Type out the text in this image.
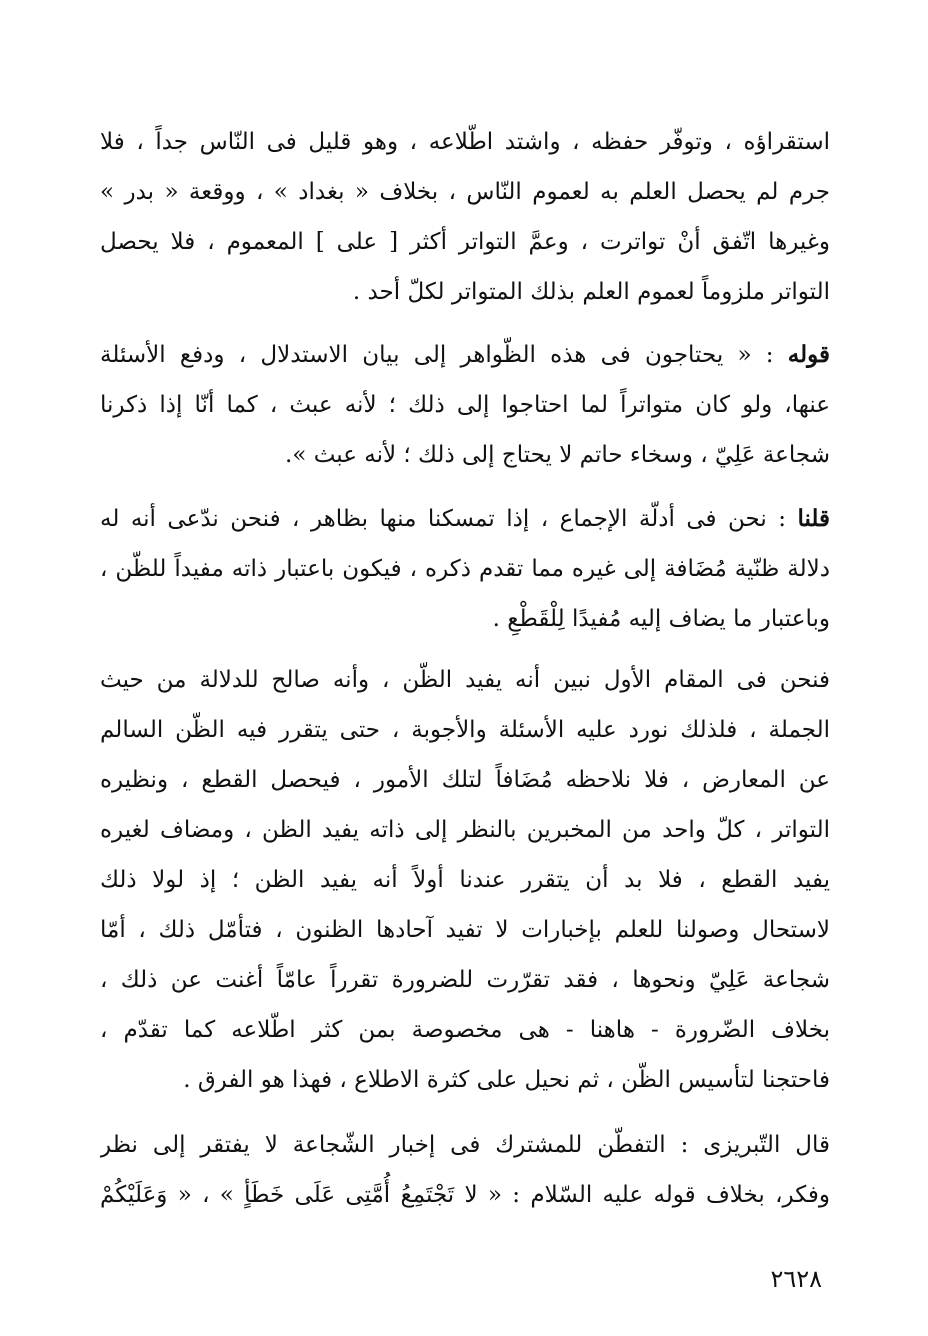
استقراؤه ، وتوفّر حفظه ، واشتد اطّلاعه ، وهو قليل فى النّاس جداً ، فلا
جرم لم يحصل العلم به لعموم النّاس ، بخلاف « بغداد » ، ووقعة « بدر »
وغيرها اتّفق أنْ تواترت ، وعمَّ التواتر أكثر [ على ] المعموم ، فلا يحصل
التواتر ملزوماً لعموم العلم بذلك المتواتر لكلّ أحد .
قوله : « يحتاجون فى هذه الظّواهر إلى بيان الاستدلال ، ودفع الأسئلة
عنها، ولو كان متواتراً لما احتاجوا إلى ذلك ؛ لأنه عبث ، كما أنّا إذا ذكرنا
شجاعة عَلِيّ ، وسخاء حاتم لا يحتاج إلى ذلك ؛ لأنه عبث ».
قلنا : نحن فى أدلّة الإجماع ، إذا تمسكنا منها بظاهر ، فنحن ندّعى أنه له
دلالة ظنّية مُضَافة إلى غيره مما تقدم ذكره ، فيكون باعتبار ذاته مفيداً للظّن ،
وباعتبار ما يضاف إليه مُفيدًا لِلْقَطْعِ .
فنحن فى المقام الأول نبين أنه يفيد الظّن ، وأنه صالح للدلالة من حيث
الجملة ، فلذلك نورد عليه الأسئلة والأجوبة ، حتى يتقرر فيه الظّن السالم
عن المعارض ، فلا نلاحظه مُضَافاً لتلك الأمور ، فيحصل القطع ، ونظيره
التواتر ، كلّ واحد من المخبرين بالنظر إلى ذاته يفيد الظن ، ومضاف لغيره
يفيد القطع ، فلا بد أن يتقرر عندنا أولاً أنه يفيد الظن ؛ إذ لولا ذلك
لاستحال وصولنا للعلم بإخبارات لا تفيد آحادها الظنون ، فتأمّل ذلك ، أمّا
شجاعة عَلِيّ ونحوها ، فقد تقرّرت للضرورة تقرراً عامّاً أغنت عن ذلك ،
بخلاف الضّرورة - هاهنا - هى مخصوصة بمن كثر اطّلاعه كما تقدّم ،
فاحتجنا لتأسيس الظّن ، ثم نحيل على كثرة الاطلاع ، فهذا هو الفرق .
قال التّبريزى : التفطّن للمشترك فى إخبار الشّجاعة لا يفتقر إلى نظر
وفكر، بخلاف قوله عليه السّلام : « لا تَجْتَمِعُ أُمَّتِى عَلَى خَطَأٍ » ، « وَعَلَيْكُمْ
٢٦٢٨
